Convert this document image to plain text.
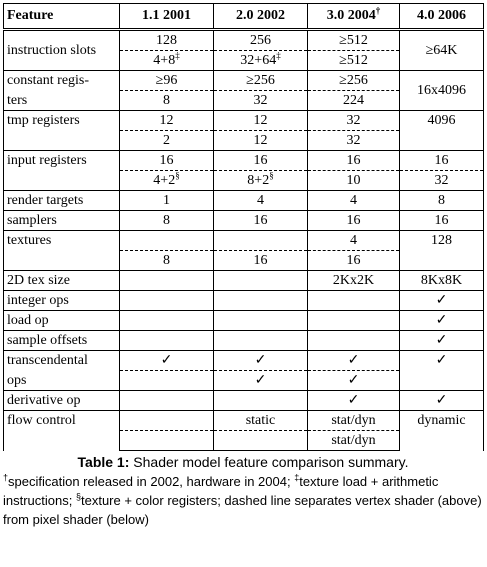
Feature	1.1 2001	2.0 2002	3.0 2004†	4.0 2006
instruction slots	128	256	≥512	≥64K
	4+8‡	32+64‡	≥512	
constant regis-	≥96	≥256	≥256	16x4096
ters	8	32	224	
tmp registers	12	12	32	4096
	2	12	32	
input registers	16	16	16	16
	4+2§	8+2§	10	32
render targets	1	4	4	8
samplers	8	16	16	16
textures			4	128
	8	16	16	
2D tex size			2Kx2K	8Kx8K
integer ops				✓
load op				✓
sample offsets				✓
transcendental	✓	✓	✓	✓
ops		✓	✓	
derivative op			✓	✓
flow control		static	stat/dyn	dynamic
			stat/dyn	
Table 1: Shader model feature comparison summary.
†specification released in 2002, hardware in 2004; ‡texture load + arithmetic instructions; §texture + color registers; dashed line separates vertex shader (above) from pixel shader (below)
